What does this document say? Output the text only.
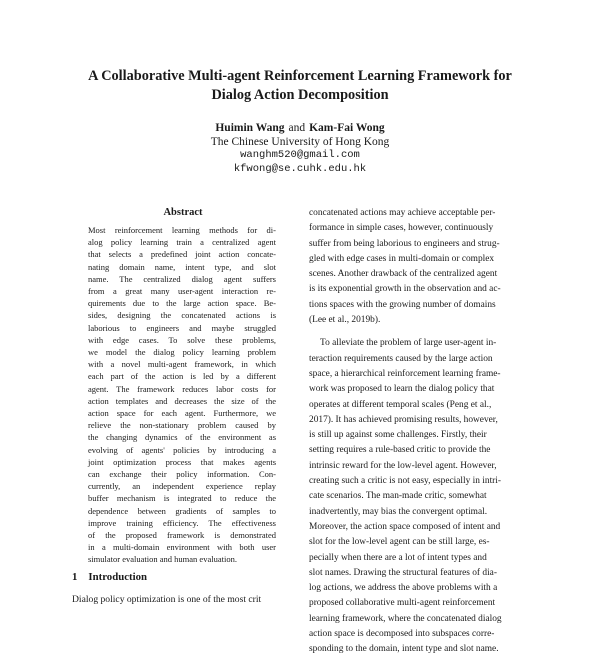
A Collaborative Multi-agent Reinforcement Learning Framework for
Dialog Action Decomposition
Huimin Wang and Kam-Fai Wong
The Chinese University of Hong Kong
wanghm520@gmail.com
kfwong@se.cuhk.edu.hk
Abstract
Most reinforcement learning methods for di-
alog policy learning train a centralized agent
that selects a predefined joint action concate-
nating domain name, intent type, and slot
name. The centralized dialog agent suffers
from a great many user-agent interaction re-
quirements due to the large action space. Be-
sides, designing the concatenated actions is
laborious to engineers and maybe struggled
with edge cases. To solve these problems,
we model the dialog policy learning problem
with a novel multi-agent framework, in which
each part of the action is led by a different
agent. The framework reduces labor costs for
action templates and decreases the size of the
action space for each agent. Furthermore, we
relieve the non-stationary problem caused by
the changing dynamics of the environment as
evolving of agents' policies by introducing a
joint optimization process that makes agents
can exchange their policy information. Con-
currently, an independent experience replay
buffer mechanism is integrated to reduce the
dependence between gradients of samples to
improve training efficiency. The effectiveness
of the proposed framework is demonstrated
in a multi-domain environment with both user
simulator evaluation and human evaluation.
1 Introduction
Dialog policy optimization is one of the most crit
concatenated actions may achieve acceptable per-
formance in simple cases, however, continuously
suffer from being laborious to engineers and strug-
gled with edge cases in multi-domain or complex
scenes. Another drawback of the centralized agent
is its exponential growth in the observation and ac-
tions spaces with the growing number of domains
(Lee et al., 2019b).
To alleviate the problem of large user-agent in-
teraction requirements caused by the large action
space, a hierarchical reinforcement learning frame-
work was proposed to learn the dialog policy that
operates at different temporal scales (Peng et al.,
2017). It has achieved promising results, however,
is still up against some challenges. Firstly, their
setting requires a rule-based critic to provide the
intrinsic reward for the low-level agent. However,
creating such a critic is not easy, especially in intri-
cate scenarios. The man-made critic, somewhat
inadvertently, may bias the convergent optimal.
Moreover, the action space composed of intent and
slot for the low-level agent can be still large, es-
pecially when there are a lot of intent types and
slot names. Drawing the structural features of dia-
log actions, we address the above problems with a
proposed collaborative multi-agent reinforcement
learning framework, where the concatenated dialog
action space is decomposed into subspaces corre-
sponding to the domain, intent type and slot name.
